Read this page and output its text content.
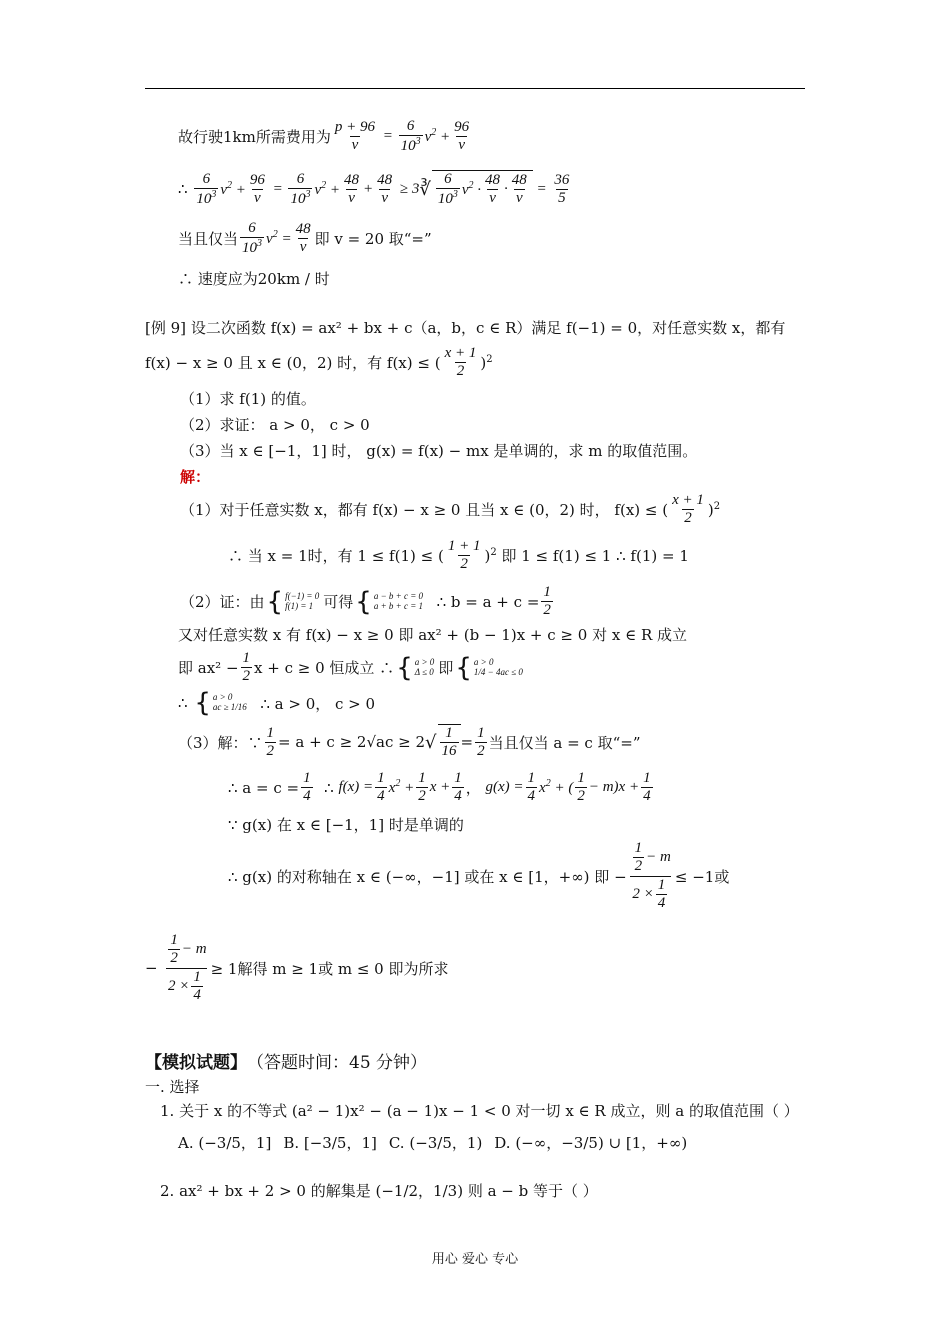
故行驶1km所需费用为 $\frac{p + 96}{v} = \frac{6}{10^3} v^2 + \frac{96}{v}$
∴ $\frac{6}{10^3} v^2 + \frac{96}{v} = \frac{6}{10^3} v^2 + \frac{48}{v} + \frac{48}{v} \ge 3$ ∛ $\frac{6}{10^3} v^2 \cdot \frac{48}{v} \cdot \frac{48}{v} = \frac{36}{5}$
当且仅当 $\frac{6}{10^3} v^2 = \frac{48}{v}$ 即 v = 20 取“=”
∴ 速度应为20km / 时
[例 9]
设二次函数 f(x) = ax² + bx + c（a，b，c ∈ R）满足 f(−1) = 0，对任意实数 x，都有
f(x) − x ≥ 0 且 x ∈ (0，2) 时，有 f(x) ≤ ( $\frac{x + 1}{2} )^2$
（1）求 f(1) 的值。
（2）求证： a > 0， c > 0
（3）当 x ∈ [−1，1] 时， g(x) = f(x) − mx 是单调的，求 m 的取值范围。
解：
（1）对于任意实数 x，都有 f(x) − x ≥ 0 且当 x ∈ (0，2) 时， f(x) ≤ ( $\frac{x + 1}{2} )^2$
∴ 当 x = 1时，有 1 ≤ f(1) ≤ ( $\frac{1 + 1}{2} )^2$ 即 1 ≤ f(1) ≤ 1 ∴ f(1) = 1
（2）证：由 { f(−1) = 0
f(1) = 1 可得 { a − b + c = 0
a + b + c = 1
∴ $b = a + c = \frac{1}{2}$
又对任意实数 x 有 f(x) − x ≥ 0 即 ax² + (b − 1)x + c ≥ 0 对 x ∈ R 成立
即 $ax^2 - \frac{1}{2}$ x + c ≥ 0 恒成立 ∴ { a > 0
Δ ≤ 0 即 { a > 0
1/4 − 4ac ≤ 0
∴ { a > 0
ac ≥ 1/16
∴ a > 0， c > 0
（3）解：∵ $\frac{1}{2} = a + c \ge 2√ac \ge 2$ √ $\frac{1}{16} = \frac{1}{2}$ 当且仅当 a = c 取“=”
∴ $a = c = \frac{1}{4}$ ∴ $f(x) = \frac{1}{4} x^2 + \frac{1}{2}$ $x + \frac{1}{4}$ ， $g(x) = \frac{1}{4} x^2$ + ( $\frac{1}{2} - m)x + \frac{1}{4}$
∵ g(x) 在 x ∈ [−1，1] 时是单调的
∴ g(x) 的对称轴在 x ∈ (−∞，−1] 或在 x ∈ [1，+∞) 即 − $\frac{\frac{1}{2} - m}{2 \times \frac{1}{4}} \le -1$或
− $\frac{\frac{1}{2} - m}{2 \times \frac{1}{4}} \ge 1$解得 m ≥ 1或 m ≤ 0 即为所求
【模拟试题】 （答题时间：45 分钟）
一. 选择
1. 关于 x 的不等式 (a² − 1)x² − (a − 1)x − 1 < 0 对一切 x ∈ R 成立，则 a 的取值范围（ ）
A. (−3/5，1] B. [−3/5，1] C. (−3/5，1) D. (−∞，−3/5) ∪ [1，+∞)
2. ax² + bx + 2 > 0 的解集是 (−1/2，1/3) 则 a − b 等于（ ）
用心 爱心 专心
